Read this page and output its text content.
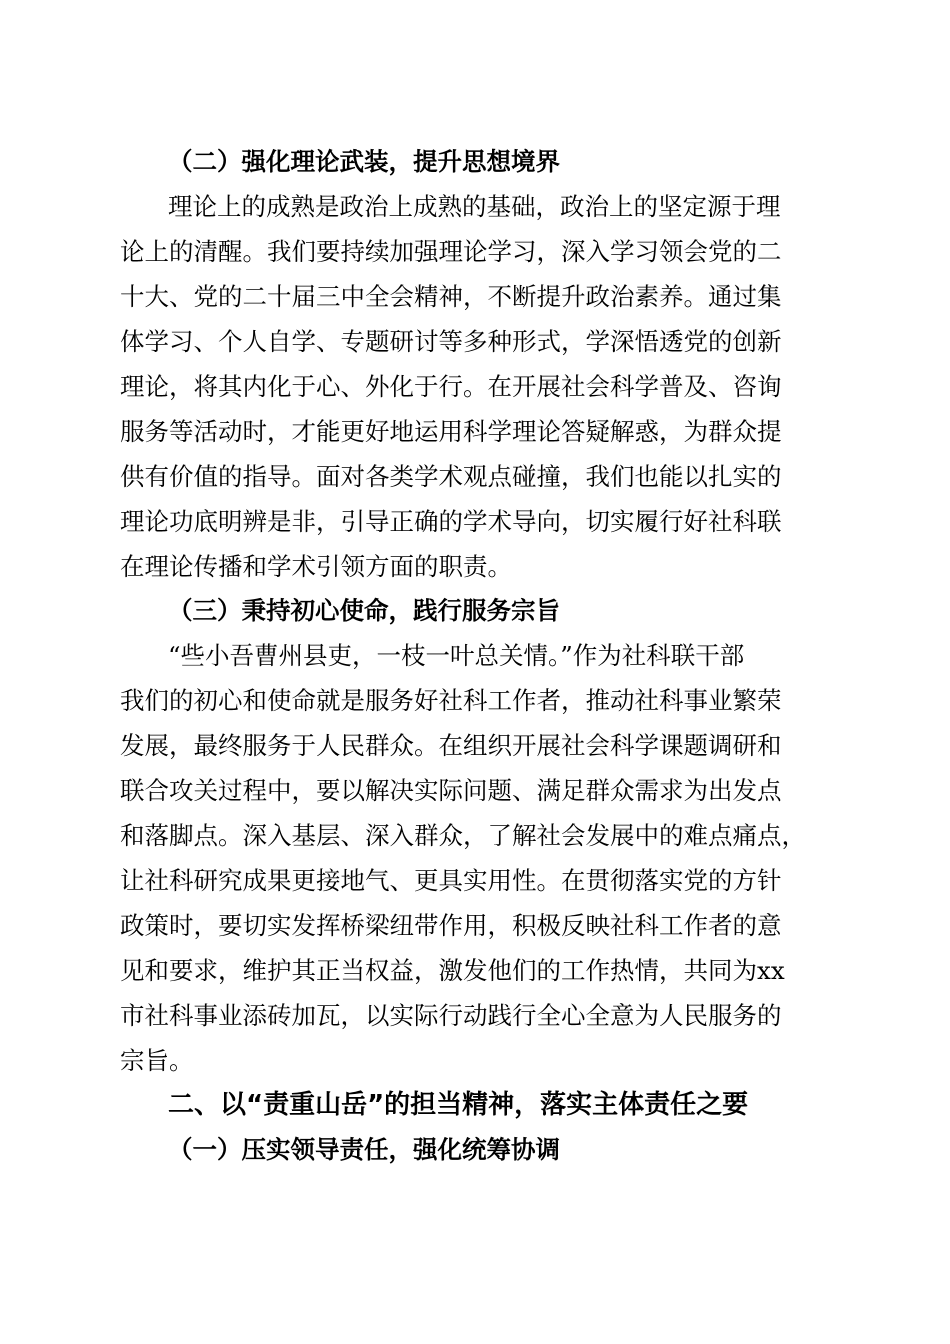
（二）强化理论武装，提升思想境界
理论上的成熟是政治上成熟的基础，政治上的坚定源于理
论上的清醒。我们要持续加强理论学习，深入学习领会党的二
十大、党的二十届三中全会精神，不断提升政治素养。通过集
体学习、个人自学、专题研讨等多种形式，学深悟透党的创新
理论，将其内化于心、外化于行。在开展社会科学普及、咨询
服务等活动时，才能更好地运用科学理论答疑解惑，为群众提
供有价值的指导。面对各类学术观点碰撞，我们也能以扎实的
理论功底明辨是非，引导正确的学术导向，切实履行好社科联
在理论传播和学术引领方面的职责。
（三）秉持初心使命，践行服务宗旨
“些小吾曹州县吏，一枝一叶总关情。”作为社科联干部
我们的初心和使命就是服务好社科工作者，推动社科事业繁荣
发展，最终服务于人民群众。在组织开展社会科学课题调研和
联合攻关过程中，要以解决实际问题、满足群众需求为出发点
和落脚点。深入基层、深入群众，了解社会发展中的难点痛点，
让社科研究成果更接地气、更具实用性。在贯彻落实党的方针
政策时，要切实发挥桥梁纽带作用，积极反映社科工作者的意
见和要求，维护其正当权益，激发他们的工作热情，共同为xx
市社科事业添砖加瓦，以实际行动践行全心全意为人民服务的
宗旨。
二、以“责重山岳”的担当精神，落实主体责任之要
（一）压实领导责任，强化统筹协调
